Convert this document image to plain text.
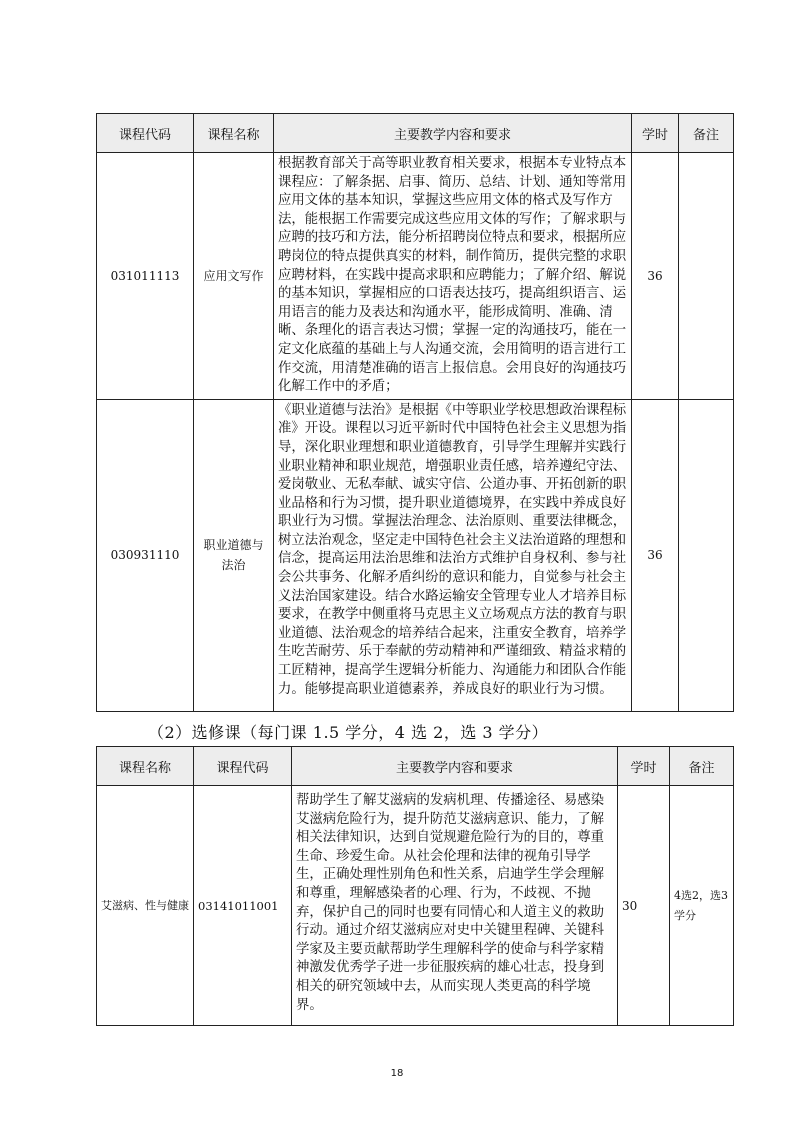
课程代码	课程名称	主要教学内容和要求	学时	备注
031011113	应用文写作	根据教育部关于高等职业教育相关要求，根据本专业特点本课程应：了解条据、启事、简历、总结、计划、通知等常用应用文体的基本知识，掌握这些应用文体的格式及写作方法，能根据工作需要完成这些应用文体的写作；了解求职与应聘的技巧和方法，能分析招聘岗位特点和要求，根据所应聘岗位的特点提供真实的材料，制作简历，提供完整的求职应聘材料，在实践中提高求职和应聘能力；了解介绍、解说的基本知识，掌握相应的口语表达技巧，提高组织语言、运用语言的能力及表达和沟通水平，能形成简明、准确、清晰、条理化的语言表达习惯；掌握一定的沟通技巧，能在一定文化底蕴的基础上与人沟通交流，会用简明的语言进行工作交流，用清楚准确的语言上报信息。会用良好的沟通技巧化解工作中的矛盾；	36	
030931110	职业道德与法治	《职业道德与法治》是根据《中等职业学校思想政治课程标准》开设。课程以习近平新时代中国特色社会主义思想为指导，深化职业理想和职业道德教育，引导学生理解并实践行业职业精神和职业规范，增强职业责任感，培养遵纪守法、爱岗敬业、无私奉献、诚实守信、公道办事、开拓创新的职业品格和行为习惯，提升职业道德境界，在实践中养成良好职业行为习惯。掌握法治理念、法治原则、重要法律概念，树立法治观念，坚定走中国特色社会主义法治道路的理想和信念，提高运用法治思维和法治方式维护自身权利、参与社会公共事务、化解矛盾纠纷的意识和能力，自觉参与社会主义法治国家建设。结合水路运输安全管理专业人才培养目标要求，在教学中侧重将马克思主义立场观点方法的教育与职业道德、法治观念的培养结合起来，注重安全教育，培养学生吃苦耐劳、乐于奉献的劳动精神和严谨细致、精益求精的工匠精神，提高学生逻辑分析能力、沟通能力和团队合作能力。能够提高职业道德素养，养成良好的职业行为习惯。	36	
（2）选修课（每门课 1.5 学分，4 选 2，选 3 学分）
课程名称	课程代码	主要教学内容和要求	学时	备注
艾滋病、性与健康	03141011001	帮助学生了解艾滋病的发病机理、传播途径、易感染艾滋病危险行为，提升防范艾滋病意识、能力，了解相关法律知识，达到自觉规避危险行为的目的，尊重生命、珍爱生命。从社会伦理和法律的视角引导学生，正确处理性别角色和性关系，启迪学生学会理解和尊重，理解感染者的心理、行为，不歧视、不抛弃，保护自己的同时也要有同情心和人道主义的救助行动。通过介绍艾滋病应对史中关键里程碑、关键科学家及主要贡献帮助学生理解科学的使命与科学家精神激发优秀学子进一步征服疾病的雄心壮志，投身到相关的研究领域中去，从而实现人类更高的科学境界。	30	4选2，选3学分
18
